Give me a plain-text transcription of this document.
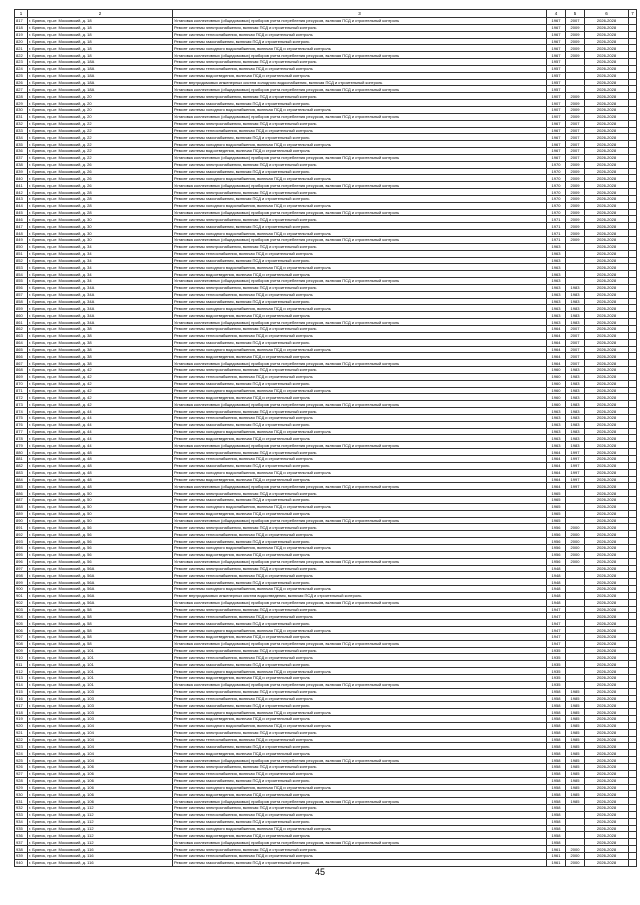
1	2	3	4	5	6	7
817	г. Брянск, пр-кт. Московский, д. 18	Установка коллективных (общедомовых) приборов учета потребления ресурсов, включая ПСД и строительный контроль	1967	2007	2026-2028	
818	г. Брянск, пр-кт. Московский, д. 18	Ремонт системы электроснабжения, включая ПСД и строительный контроль	1967	2009	2026-2028	
819	г. Брянск, пр-кт. Московский, д. 18	Ремонт системы теплоснабжения, включая ПСД и строительный контроль	1967	2009	2026-2028	
820	г. Брянск, пр-кт. Московский, д. 18	Ремонт системы газоснабжения, включая ПСД и строительный контроль	1967	2009	2026-2028	
821	г. Брянск, пр-кт. Московский, д. 18	Ремонт системы холодного водоснабжения, включая ПСД и строительный контроль	1967	2009	2026-2028	
822	г. Брянск, пр-кт. Московский, д. 18	Установка коллективных (общедомовых) приборов учета потребления ресурсов, включая ПСД и строительный контроль	1967	2009	2026-2028	
823	г. Брянск, пр-кт. Московский, д. 18А	Ремонт системы электроснабжения, включая ПСД и строительный контроль	1957		2026-2028	
824	г. Брянск, пр-кт. Московский, д. 18А	Ремонт системы теплоснабжения, включая ПСД и строительный контроль	1957		2026-2028	
825	г. Брянск, пр-кт. Московский, д. 18А	Ремонт системы водоотведения, включая ПСД и строительный контроль	1957		2026-2028	
826	г. Брянск, пр-кт. Московский, д. 18А	Ремонт внутридомовых инженерных систем холодного водоснабжения, включая ПСД и строительный контроль	1957		2026-2028	
827	г. Брянск, пр-кт. Московский, д. 18А	Установка коллективных (общедомовых) приборов учета потребления ресурсов, включая ПСД и строительный контроль	1957		2026-2028	
828	г. Брянск, пр-кт. Московский, д. 20	Ремонт системы электроснабжения, включая ПСД и строительный контроль	1907	2009	2026-2028	
829	г. Брянск, пр-кт. Московский, д. 20	Ремонт системы газоснабжения, включая ПСД и строительный контроль	1907	2009	2026-2028	
830	г. Брянск, пр-кт. Московский, д. 20	Ремонт системы холодного водоснабжения, включая ПСД и строительный контроль	1907	2009	2026-2028	
831	г. Брянск, пр-кт. Московский, д. 20	Установка коллективных (общедомовых) приборов учета потребления ресурсов, включая ПСД и строительный контроль	1907	2009	2026-2028	
832	г. Брянск, пр-кт. Московский, д. 22	Ремонт системы электроснабжения, включая ПСД и строительный контроль	1967	2007	2026-2028	
833	г. Брянск, пр-кт. Московский, д. 22	Ремонт системы теплоснабжения, включая ПСД и строительный контроль	1967	2007	2026-2028	
834	г. Брянск, пр-кт. Московский, д. 22	Ремонт системы газоснабжения, включая ПСД и строительный контроль	1967	2007	2026-2028	
835	г. Брянск, пр-кт. Московский, д. 22	Ремонт системы холодного водоснабжения, включая ПСД и строительный контроль	1967	2007	2026-2028	
836	г. Брянск, пр-кт. Московский, д. 22	Ремонт системы водоотведения, включая ПСД и строительный контроль	1967	2007	2026-2028	
837	г. Брянск, пр-кт. Московский, д. 22	Установка коллективных (общедомовых) приборов учета потребления ресурсов, включая ПСД и строительный контроль	1967	2007	2026-2028	
838	г. Брянск, пр-кт. Московский, д. 26	Ремонт системы электроснабжения, включая ПСД и строительный контроль	1970	2009	2026-2028	
839	г. Брянск, пр-кт. Московский, д. 26	Ремонт системы газоснабжения, включая ПСД и строительный контроль	1970	2009	2026-2028	
840	г. Брянск, пр-кт. Московский, д. 26	Ремонт системы холодного водоснабжения, включая ПСД и строительный контроль	1970	2009	2026-2028	
841	г. Брянск, пр-кт. Московский, д. 26	Установка коллективных (общедомовых) приборов учета потребления ресурсов, включая ПСД и строительный контроль	1970	2009	2026-2028	
842	г. Брянск, пр-кт. Московский, д. 28	Ремонт системы электроснабжения, включая ПСД и строительный контроль	1970	2009	2026-2028	
843	г. Брянск, пр-кт. Московский, д. 28	Ремонт системы газоснабжения, включая ПСД и строительный контроль	1970	2009	2026-2028	
844	г. Брянск, пр-кт. Московский, д. 28	Ремонт системы холодного водоснабжения, включая ПСД и строительный контроль	1970	2009	2026-2028	
845	г. Брянск, пр-кт. Московский, д. 28	Установка коллективных (общедомовых) приборов учета потребления ресурсов, включая ПСД и строительный контроль	1970	2009	2026-2028	
846	г. Брянск, пр-кт. Московский, д. 30	Ремонт системы электроснабжения, включая ПСД и строительный контроль	1971	2009	2026-2028	
847	г. Брянск, пр-кт. Московский, д. 30	Ремонт системы газоснабжения, включая ПСД и строительный контроль	1971	2009	2026-2028	
848	г. Брянск, пр-кт. Московский, д. 30	Ремонт системы холодного водоснабжения, включая ПСД и строительный контроль	1971	2009	2026-2028	
849	г. Брянск, пр-кт. Московский, д. 30	Установка коллективных (общедомовых) приборов учета потребления ресурсов, включая ПСД и строительный контроль	1971	2009	2026-2028	
850	г. Брянск, пр-кт. Московский, д. 34	Ремонт системы электроснабжения, включая ПСД и строительный контроль	1963		2026-2028	
851	г. Брянск, пр-кт. Московский, д. 34	Ремонт системы теплоснабжения, включая ПСД и строительный контроль	1963		2026-2028	
852	г. Брянск, пр-кт. Московский, д. 34	Ремонт системы газоснабжения, включая ПСД и строительный контроль	1963		2026-2028	
853	г. Брянск, пр-кт. Московский, д. 34	Ремонт системы холодного водоснабжения, включая ПСД и строительный контроль	1963		2026-2028	
854	г. Брянск, пр-кт. Московский, д. 34	Ремонт системы водоотведения, включая ПСД и строительный контроль	1963		2026-2028	
855	г. Брянск, пр-кт. Московский, д. 34	Установка коллективных (общедомовых) приборов учета потребления ресурсов, включая ПСД и строительный контроль	1963		2026-2028	
856	г. Брянск, пр-кт. Московский, д. 34А	Ремонт системы электроснабжения, включая ПСД и строительный контроль	1963	1983	2026-2028	
857	г. Брянск, пр-кт. Московский, д. 34А	Ремонт системы теплоснабжения, включая ПСД и строительный контроль	1963	1983	2026-2028	
858	г. Брянск, пр-кт. Московский, д. 34А	Ремонт системы газоснабжения, включая ПСД и строительный контроль	1963	1983	2026-2028	
859	г. Брянск, пр-кт. Московский, д. 34А	Ремонт системы холодного водоснабжения, включая ПСД и строительный контроль	1963	1983	2026-2028	
860	г. Брянск, пр-кт. Московский, д. 34А	Ремонт системы водоотведения, включая ПСД и строительный контроль	1963	1983	2026-2028	
861	г. Брянск, пр-кт. Московский, д. 34А	Установка коллективных (общедомовых) приборов учета потребления ресурсов, включая ПСД и строительный контроль	1963	1983	2026-2028	
862	г. Брянск, пр-кт. Московский, д. 38	Ремонт системы электроснабжения, включая ПСД и строительный контроль	1964	2007	2026-2028	
863	г. Брянск, пр-кт. Московский, д. 38	Ремонт системы теплоснабжения, включая ПСД и строительный контроль	1964	2007	2026-2028	
864	г. Брянск, пр-кт. Московский, д. 38	Ремонт системы газоснабжения, включая ПСД и строительный контроль	1964	2007	2026-2028	
865	г. Брянск, пр-кт. Московский, д. 38	Ремонт системы холодного водоснабжения, включая ПСД и строительный контроль	1964	2007	2026-2028	
866	г. Брянск, пр-кт. Московский, д. 38	Ремонт системы водоотведения, включая ПСД и строительный контроль	1964	2007	2026-2028	
867	г. Брянск, пр-кт. Московский, д. 38	Установка коллективных (общедомовых) приборов учета потребления ресурсов, включая ПСД и строительный контроль	1964	2007	2026-2028	
868	г. Брянск, пр-кт. Московский, д. 42	Ремонт системы электроснабжения, включая ПСД и строительный контроль	1960	1983	2026-2028	
869	г. Брянск, пр-кт. Московский, д. 42	Ремонт системы теплоснабжения, включая ПСД и строительный контроль	1960	1983	2026-2028	
870	г. Брянск, пр-кт. Московский, д. 42	Ремонт системы газоснабжения, включая ПСД и строительный контроль	1960	1983	2026-2028	
871	г. Брянск, пр-кт. Московский, д. 42	Ремонт системы холодного водоснабжения, включая ПСД и строительный контроль	1960	1983	2026-2028	
872	г. Брянск, пр-кт. Московский, д. 42	Ремонт системы водоотведения, включая ПСД и строительный контроль	1960	1983	2026-2028	
873	г. Брянск, пр-кт. Московский, д. 42	Установка коллективных (общедомовых) приборов учета потребления ресурсов, включая ПСД и строительный контроль	1960	1983	2026-2028	
874	г. Брянск, пр-кт. Московский, д. 44	Ремонт системы электроснабжения, включая ПСД и строительный контроль	1963	1983	2026-2028	
875	г. Брянск, пр-кт. Московский, д. 44	Ремонт системы теплоснабжения, включая ПСД и строительный контроль	1963	1983	2026-2028	
876	г. Брянск, пр-кт. Московский, д. 44	Ремонт системы газоснабжения, включая ПСД и строительный контроль	1963	1983	2026-2028	
877	г. Брянск, пр-кт. Московский, д. 44	Ремонт системы холодного водоснабжения, включая ПСД и строительный контроль	1963	1983	2026-2028	
878	г. Брянск, пр-кт. Московский, д. 44	Ремонт системы водоотведения, включая ПСД и строительный контроль	1963	1983	2026-2028	
879	г. Брянск, пр-кт. Московский, д. 44	Установка коллективных (общедомовых) приборов учета потребления ресурсов, включая ПСД и строительный контроль	1963	1983	2026-2028	
880	г. Брянск, пр-кт. Московский, д. 48	Ремонт системы электроснабжения, включая ПСД и строительный контроль	1964	1997	2026-2028	
881	г. Брянск, пр-кт. Московский, д. 48	Ремонт системы теплоснабжения, включая ПСД и строительный контроль	1964	1997	2026-2028	
882	г. Брянск, пр-кт. Московский, д. 48	Ремонт системы газоснабжения, включая ПСД и строительный контроль	1964	1997	2026-2028	
883	г. Брянск, пр-кт. Московский, д. 48	Ремонт системы холодного водоснабжения, включая ПСД и строительный контроль	1964	1997	2026-2028	
884	г. Брянск, пр-кт. Московский, д. 48	Ремонт системы водоотведения, включая ПСД и строительный контроль	1964	1997	2026-2028	
885	г. Брянск, пр-кт. Московский, д. 48	Установка коллективных (общедомовых) приборов учета потребления ресурсов, включая ПСД и строительный контроль	1964	1997	2026-2028	
886	г. Брянск, пр-кт. Московский, д. 50	Ремонт системы электроснабжения, включая ПСД и строительный контроль	1965		2026-2028	
887	г. Брянск, пр-кт. Московский, д. 50	Ремонт системы газоснабжения, включая ПСД и строительный контроль	1965		2026-2028	
888	г. Брянск, пр-кт. Московский, д. 50	Ремонт системы холодного водоснабжения, включая ПСД и строительный контроль	1965		2026-2028	
889	г. Брянск, пр-кт. Московский, д. 50	Ремонт системы водоотведения, включая ПСД и строительный контроль	1965		2026-2028	
890	г. Брянск, пр-кт. Московский, д. 50	Установка коллективных (общедомовых) приборов учета потребления ресурсов, включая ПСД и строительный контроль	1965		2026-2028	
891	г. Брянск, пр-кт. Московский, д. 56	Ремонт системы электроснабжения, включая ПСД и строительный контроль	1956	2000	2026-2028	
892	г. Брянск, пр-кт. Московский, д. 56	Ремонт системы теплоснабжения, включая ПСД и строительный контроль	1956	2000	2026-2028	
893	г. Брянск, пр-кт. Московский, д. 56	Ремонт системы газоснабжения, включая ПСД и строительный контроль	1956	2000	2026-2028	
894	г. Брянск, пр-кт. Московский, д. 56	Ремонт системы холодного водоснабжения, включая ПСД и строительный контроль	1956	2000	2026-2028	
895	г. Брянск, пр-кт. Московский, д. 56	Ремонт системы водоотведения, включая ПСД и строительный контроль	1956	2000	2026-2028	
896	г. Брянск, пр-кт. Московский, д. 56	Установка коллективных (общедомовых) приборов учета потребления ресурсов, включая ПСД и строительный контроль	1956	2000	2026-2028	
897	г. Брянск, пр-кт. Московский, д. 56А	Ремонт системы электроснабжения, включая ПСД и строительный контроль	1948		2026-2028	
898	г. Брянск, пр-кт. Московский, д. 56А	Ремонт системы теплоснабжения, включая ПСД и строительный контроль	1948		2026-2028	
899	г. Брянск, пр-кт. Московский, д. 56А	Ремонт системы газоснабжения, включая ПСД и строительный контроль	1948		2026-2028	
900	г. Брянск, пр-кт. Московский, д. 56А	Ремонт системы холодного водоснабжения, включая ПСД и строительный контроль	1948		2026-2028	
901	г. Брянск, пр-кт. Московский, д. 56А	Ремонт внутридомовых инженерных систем водоотведения, включая ПСД и строительный контроль	1948		2026-2028	
902	г. Брянск, пр-кт. Московский, д. 56А	Установка коллективных (общедомовых) приборов учета потребления ресурсов, включая ПСД и строительный контроль	1948		2026-2028	
903	г. Брянск, пр-кт. Московский, д. 58	Ремонт системы электроснабжения, включая ПСД и строительный контроль	1947		2026-2028	
904	г. Брянск, пр-кт. Московский, д. 58	Ремонт системы теплоснабжения, включая ПСД и строительный контроль	1947		2026-2028	
905	г. Брянск, пр-кт. Московский, д. 58	Ремонт системы газоснабжения, включая ПСД и строительный контроль	1947		2026-2028	
906	г. Брянск, пр-кт. Московский, д. 58	Ремонт системы холодного водоснабжения, включая ПСД и строительный контроль	1947		2026-2028	
907	г. Брянск, пр-кт. Московский, д. 58	Ремонт системы водоотведения, включая ПСД и строительный контроль	1947		2026-2028	
908	г. Брянск, пр-кт. Московский, д. 58	Установка коллективных (общедомовых) приборов учета потребления ресурсов, включая ПСД и строительный контроль	1947		2026-2028	
909	г. Брянск, пр-кт. Московский, д. 101	Ремонт системы электроснабжения, включая ПСД и строительный контроль	1935		2026-2028	
910	г. Брянск, пр-кт. Московский, д. 101	Ремонт системы теплоснабжения, включая ПСД и строительный контроль	1935		2026-2028	
911	г. Брянск, пр-кт. Московский, д. 101	Ремонт системы газоснабжения, включая ПСД и строительный контроль	1935		2026-2028	
912	г. Брянск, пр-кт. Московский, д. 101	Ремонт системы холодного водоснабжения, включая ПСД и строительный контроль	1935		2026-2028	
913	г. Брянск, пр-кт. Московский, д. 101	Ремонт системы водоотведения, включая ПСД и строительный контроль	1935		2026-2028	
914	г. Брянск, пр-кт. Московский, д. 101	Установка коллективных (общедомовых) приборов учета потребления ресурсов, включая ПСД и строительный контроль	1935		2026-2028	
915	г. Брянск, пр-кт. Московский, д. 103	Ремонт системы электроснабжения, включая ПСД и строительный контроль	1958	1985	2026-2028	
916	г. Брянск, пр-кт. Московский, д. 103	Ремонт системы теплоснабжения, включая ПСД и строительный контроль	1958	1985	2026-2028	
917	г. Брянск, пр-кт. Московский, д. 103	Ремонт системы газоснабжения, включая ПСД и строительный контроль	1958	1985	2026-2028	
918	г. Брянск, пр-кт. Московский, д. 103	Ремонт системы холодного водоснабжения, включая ПСД и строительный контроль	1958	1985	2026-2028	
919	г. Брянск, пр-кт. Московский, д. 103	Ремонт системы водоотведения, включая ПСД и строительный контроль	1958	1985	2026-2028	
920	г. Брянск, пр-кт. Московский, д. 104	Ремонт системы холодного водоснабжения, включая ПСД и строительный контроль	1958	1985	2026-2028	
921	г. Брянск, пр-кт. Московский, д. 104	Ремонт системы электроснабжения, включая ПСД и строительный контроль	1958	1985	2026-2028	
922	г. Брянск, пр-кт. Московский, д. 104	Ремонт системы теплоснабжения, включая ПСД и строительный контроль	1958	1985	2026-2028	
923	г. Брянск, пр-кт. Московский, д. 104	Ремонт системы газоснабжения, включая ПСД и строительный контроль	1958	1985	2026-2028	
924	г. Брянск, пр-кт. Московский, д. 104	Ремонт системы водоотведения, включая ПСД и строительный контроль	1958	1985	2026-2028	
925	г. Брянск, пр-кт. Московский, д. 104	Установка коллективных (общедомовых) приборов учета потребления ресурсов, включая ПСД и строительный контроль	1958	1985	2026-2028	
926	г. Брянск, пр-кт. Московский, д. 106	Ремонт системы электроснабжения, включая ПСД и строительный контроль	1958	1985	2026-2028	
927	г. Брянск, пр-кт. Московский, д. 106	Ремонт системы теплоснабжения, включая ПСД и строительный контроль	1958	1985	2026-2028	
928	г. Брянск, пр-кт. Московский, д. 106	Ремонт системы газоснабжения, включая ПСД и строительный контроль	1958	1985	2026-2028	
929	г. Брянск, пр-кт. Московский, д. 106	Ремонт системы холодного водоснабжения, включая ПСД и строительный контроль	1958	1985	2026-2028	
930	г. Брянск, пр-кт. Московский, д. 106	Ремонт системы водоотведения, включая ПСД и строительный контроль	1958	1985	2026-2028	
931	г. Брянск, пр-кт. Московский, д. 106	Установка коллективных (общедомовых) приборов учета потребления ресурсов, включая ПСД и строительный контроль	1958	1985	2026-2028	
932	г. Брянск, пр-кт. Московский, д. 112	Ремонт системы электроснабжения, включая ПСД и строительный контроль	1958		2026-2028	
933	г. Брянск, пр-кт. Московский, д. 112	Ремонт системы теплоснабжения, включая ПСД и строительный контроль	1958		2026-2028	
934	г. Брянск, пр-кт. Московский, д. 112	Ремонт системы газоснабжения, включая ПСД и строительный контроль	1958		2026-2028	
935	г. Брянск, пр-кт. Московский, д. 112	Ремонт системы холодного водоснабжения, включая ПСД и строительный контроль	1958		2026-2028	
936	г. Брянск, пр-кт. Московский, д. 112	Ремонт системы водоотведения, включая ПСД и строительный контроль	1958		2026-2028	
937	г. Брянск, пр-кт. Московский, д. 112	Установка коллективных (общедомовых) приборов учета потребления ресурсов, включая ПСД и строительный контроль	1958		2026-2028	
938	г. Брянск, пр-кт. Московский, д. 116	Ремонт системы электроснабжения, включая ПСД и строительный контроль	1961	2000	2026-2028	
939	г. Брянск, пр-кт. Московский, д. 116	Ремонт системы теплоснабжения, включая ПСД и строительный контроль	1961	2000	2026-2028	
940	г. Брянск, пр-кт. Московский, д. 116	Ремонт системы газоснабжения, включая ПСД и строительный контроль	1961	2000	2026-2028	
45
